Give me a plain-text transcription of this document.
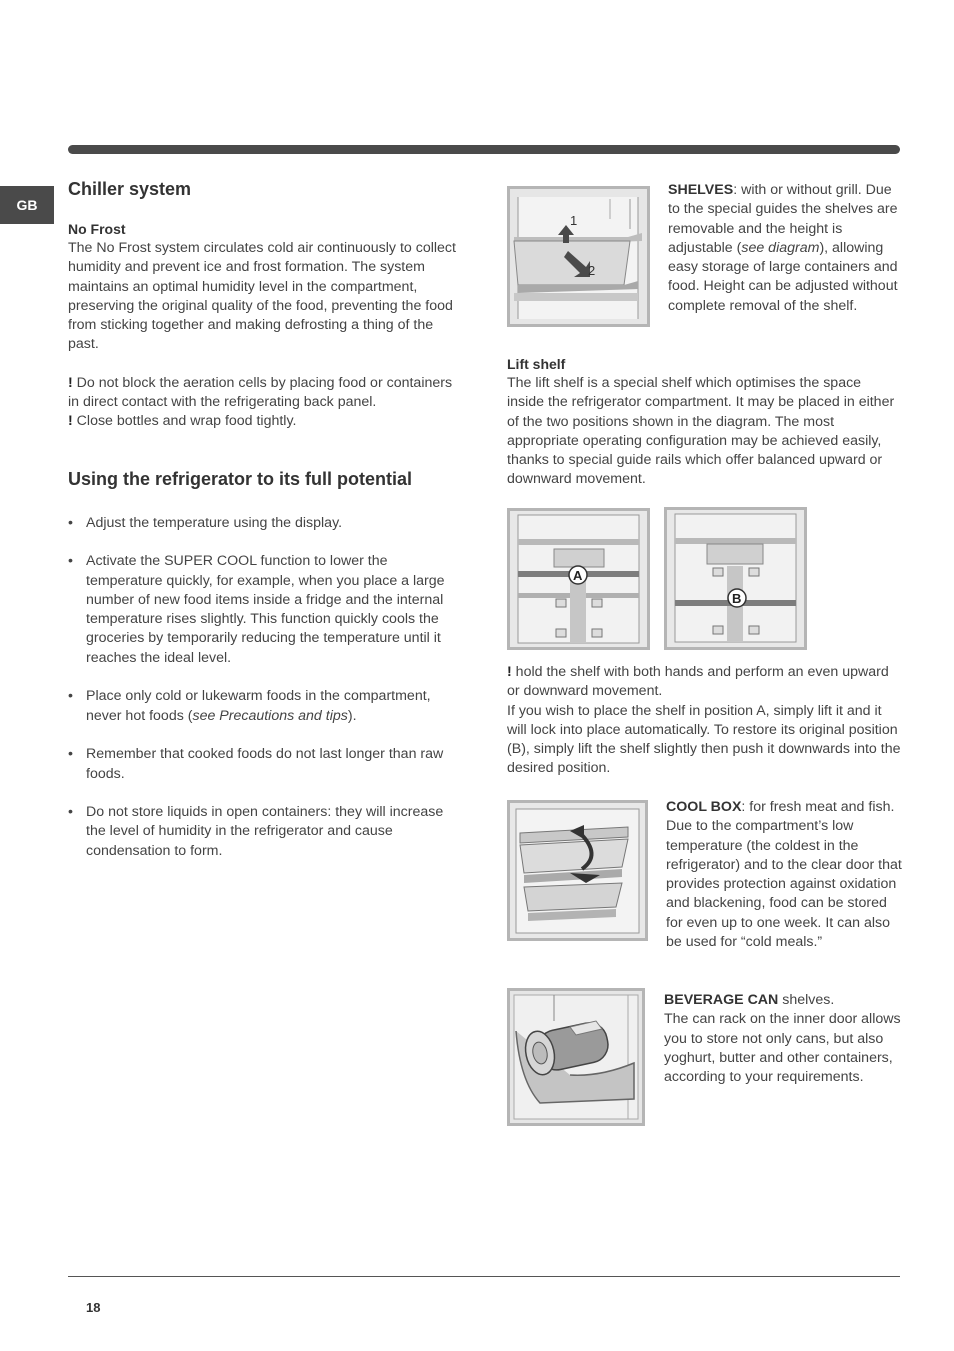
GB
Chiller system
No Frost

The No Frost system circulates cold air continuously to collect humidity and prevent ice and frost formation. The system maintains an optimal humidity level in the compartment, preserving the original quality of the food, preventing the food from sticking together and making defrosting a thing of the past.

! Do not block the aeration cells by placing food or containers in direct contact with the refrigerating back panel.

! Close bottles and wrap food tightly.

Using the refrigerator to its full potential
• Adjust the temperature using the display.
• Activate the SUPER COOL function to lower the temperature quickly, for example, when you place a large number of new food items inside a fridge and the internal temperature rises slightly. This function quickly cools the groceries by temporarily reducing the temperature until it reaches the ideal level.
• Place only cold or lukewarm foods in the compartment, never hot foods (see Precautions and tips).
• Remember that cooked foods do not last longer than raw foods.
• Do not store liquids in open containers: they will increase the level of humidity in the refrigerator and cause condensation to form.
1
2
SHELVES: with or without grill. Due to the special guides the shelves are removable and the height is adjustable (see diagram), allowing easy storage of large containers and food. Height can be adjusted without complete removal of the shelf.
Lift shelf
The lift shelf is a special shelf which optimises the space inside the refrigerator compartment. It may be placed in either of the two positions shown in the diagram. The most appropriate operating configuration may be achieved easily, thanks to special guide rails which offer balanced upward or downward movement.
A
B
! hold the shelf with both hands and perform an even upward or downward movement.
If you wish to place the shelf in position A, simply lift it and it will lock into place automatically. To restore its original position (B), simply lift the shelf slightly then push it downwards into the desired position.
COOL BOX: for fresh meat and fish. Due to the compartment’s low temperature (the coldest in the refrigerator) and to the clear door that provides protection against oxidation and blackening, food can be stored for even up to one week. It can also be used for “cold meals.”
BEVERAGE CAN shelves.
The can rack on the inner door allows you to store not only cans, but also yoghurt, butter and other containers, according to your requirements.
18
